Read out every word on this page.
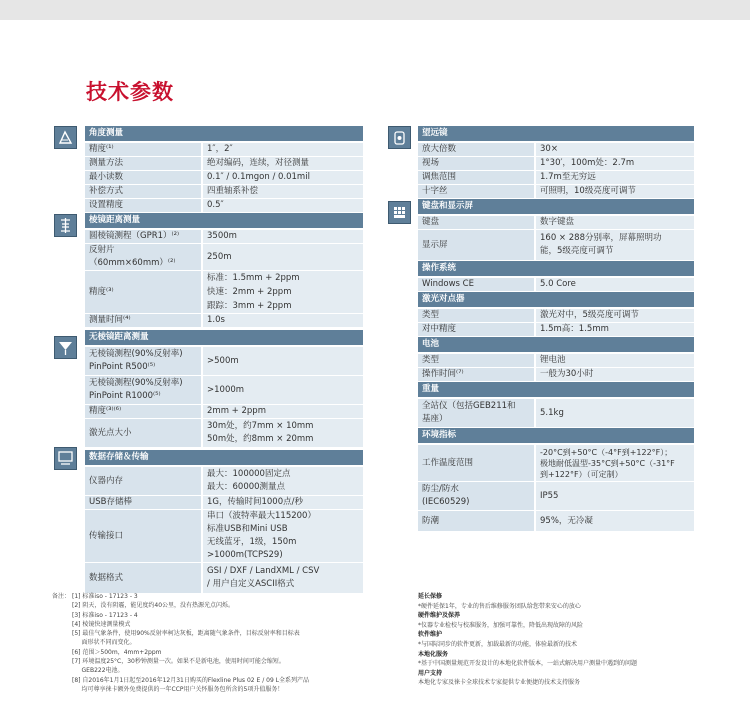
技术参数
角度测量
精度⁽¹⁾	1″，2″
测量方法	绝对编码，连续，对径测量
最小读数	0.1″ / 0.1mgon / 0.01mil
补偿方式	四重轴系补偿
设置精度	0.5″
棱镜距离测量
圆棱镜测程（GPR1）⁽²⁾	3500m

反射片
（60mm×60mm）⁽²⁾	250m
精度⁽³⁾	标准：1.5mm + 2ppm
快速：2mm + 2ppm
跟踪：3mm + 2ppm

测量时间⁽⁴⁾	1.0s
无棱镜距离测量
无棱镜测程(90%反射率)
PinPoint R500⁽⁵⁾	>500m

无棱镜测程(90%反射率)
PinPoint R1000⁽⁵⁾	>1000m
精度⁽³⁾⁽⁶⁾	2mm + 2ppm
激光点大小	30m处，约7mm × 10mm
50m处，约8mm × 20mm
数据存储＆传输
仪器内存	最大：100000固定点
最大：60000测量点

USB存储棒	1G，传输时间1000点/秒
传输接口	串口（波特率最大115200）
标准USB和Mini USB
无线蓝牙，1级，150m
>1000m(TCPS29)

数据格式	GSI / DXF / LandXML / CSV
/ 用户自定义ASCII格式
望远镜
放大倍数	30×
视场	1°30′，100m处：2.7m
调焦范围	1.7m至无穷远
十字丝	可照明，10级亮度可调节
键盘和显示屏
键盘	数字键盘
显示屏	160 × 288分别率，屏幕照明功
能，5级亮度可调节
操作系统
Windows CE	5.0 Core
激光对点器
类型	激光对中，5级亮度可调节
对中精度	1.5m高：1.5mm
电池
类型	锂电池
操作时间⁽⁷⁾	一般为30小时
重量
全站仪（包括GEB211和
基座）
	5.1kg
环境指标
工作温度范围	-20°C到+50°C（-4°F到+122°F）；
极地耐低温型-35°C到+50°C（-31°F
到+122°F）（可定制）

防尘/防水
(IEC60529)	IP55
防潮	95%，无冷凝
备注： [1] 标准iso - 17123 - 3
[2] 阴天，没有阴霾，能见度约40公里，没有热源光点闪烁。
[3] 标准iso - 17123 - 4
[4] 棱镜快速测量模式
[5] 最佳气象条件，使用90%反射率柯达灰板，距离随气象条件，目标反射率和目标表
面形状不同而变化。
[6] 范围＞500m，4mm+2ppm
[7] 环境温度25°C，30秒钟测量一次。如果不是新电池，使用时间可能会缩短。
GEB222电池。
[8] 自2016年1月1日起至2016年12月31日购买的Flexline Plus 02 E / 09 L全系列产品
均可尊享徕卡额外免费提供的一年CCP用户关怀服务包所含的5项升值服务！
延长保修
*硬件延保1年，专业的售后维修服务团队给您带来安心的放心
硬件维护及保养
*仪器专业检校与校准服务，加强可靠性，降低出现故障的风险
软件维护
*与国际同步的软件更新，加载最新的功能，体验最新的技术
本地化服务
*基于中国测量规范开发设计的本地化软件版本，一站式解决用户测量中遇到的问题
用户支持
本地化专家及徕卡全球技术专家提供专业便捷的技术支持服务
